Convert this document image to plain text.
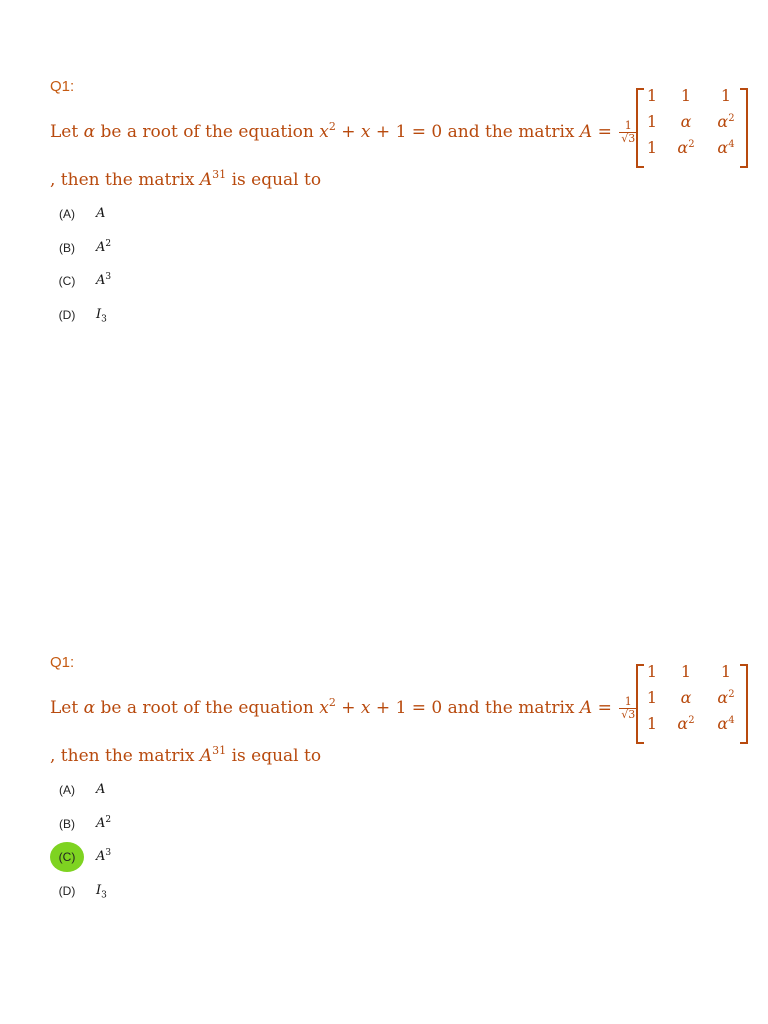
Q1:
Let α be a root of the equation $x^2 + x + 1 = 0$ and the matrix $A = \frac{1}{√3}$
1	1	1
1	α	$\alpha^2$
1	$\alpha^2$	$\alpha^4$
, then the matrix $A^{31}$ is equal to
(A)	A
(B)	$A^2$
(C)	$A^3$
(D)	$I_3$
Q1:
Let α be a root of the equation $x^2 + x + 1 = 0$ and the matrix $A = \frac{1}{√3}$
1	1	1
1	α	$\alpha^2$
1	$\alpha^2$	$\alpha^4$
, then the matrix $A^{31}$ is equal to
(A)	A
(B)	$A^2$
(C)	$A^3$
(D)	$I_3$
